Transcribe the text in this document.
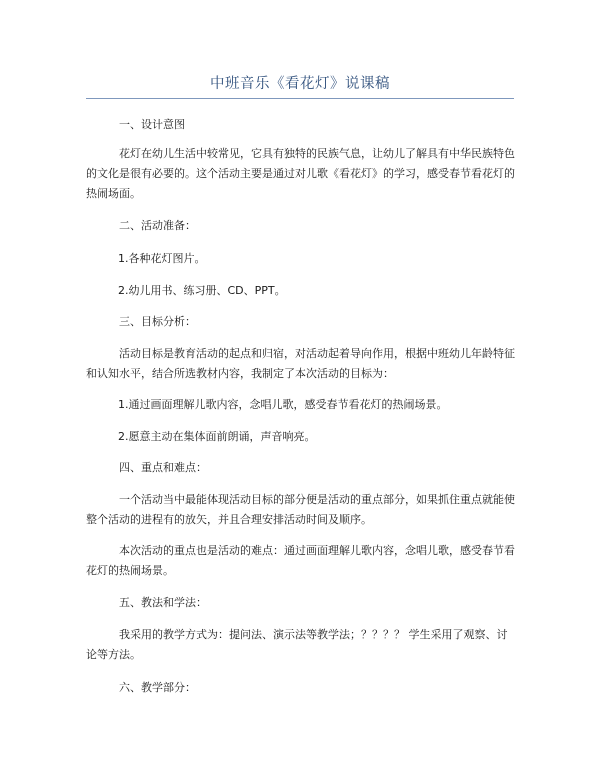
中班音乐《看花灯》说课稿

一、设计意图

花灯在幼儿生活中较常见，它具有独特的民族气息，让幼儿了解具有中华民族特色的文化是很有必要的。这个活动主要是通过对儿歌《看花灯》的学习，感受春节看花灯的热闹场面。

二、活动准备：

1.各种花灯图片。

2.幼儿用书、练习册、CD、PPT。

三、目标分析：

活动目标是教育活动的起点和归宿，对活动起着导向作用，根据中班幼儿年龄特征和认知水平，结合所选教材内容，我制定了本次活动的目标为：

1.通过画面理解儿歌内容，念唱儿歌，感受春节看花灯的热闹场景。

2.愿意主动在集体面前朗诵，声音响亮。

四、重点和难点：

一个活动当中最能体现活动目标的部分便是活动的重点部分，如果抓住重点就能使整个活动的进程有的放矢，并且合理安排活动时间及顺序。

本次活动的重点也是活动的难点：通过画面理解儿歌内容，念唱儿歌，感受春节看花灯的热闹场景。

五、教法和学法：

我采用的教学方式为：提问法、演示法等教学法；？？？？ 学生采用了观察、讨论等方法。

六、教学部分：
